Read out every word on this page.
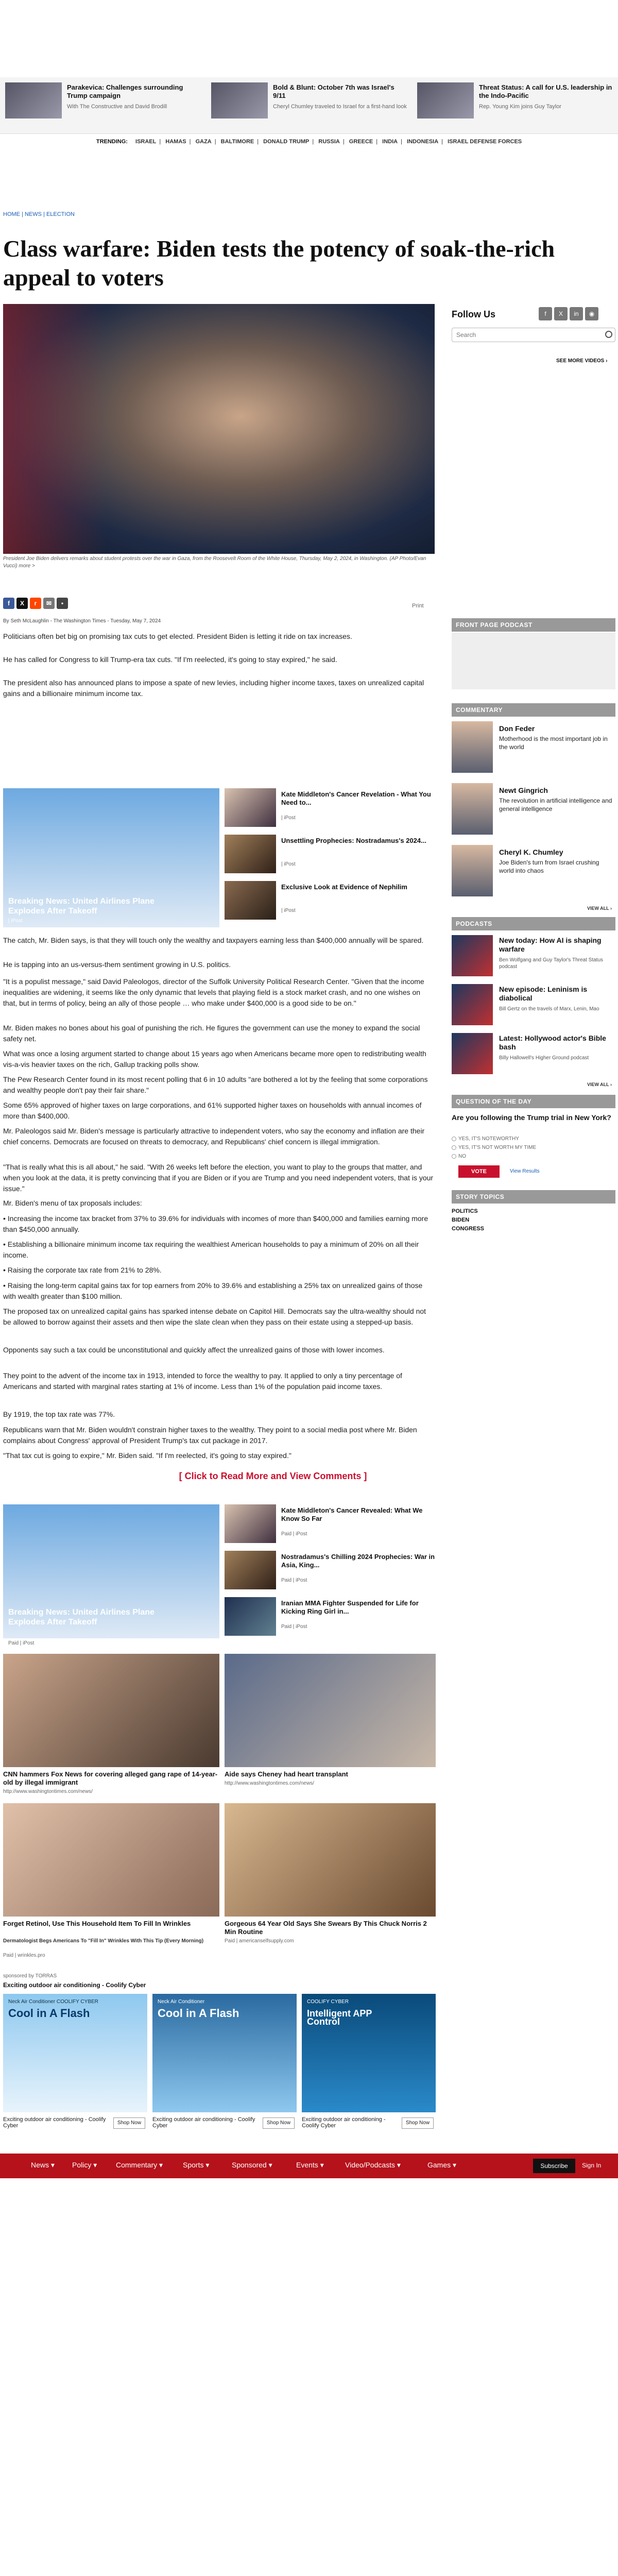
Parakevica: Challenges surrounding Trump campaign
With The Constructive and David Brodill
Bold & Blunt: October 7th was Israel's 9/11
Cheryl Chumley traveled to Israel for a first-hand look
Threat Status: A call for U.S. leadership in the Indo-Pacific
Rep. Young Kim joins Guy Taylor
TRENDING: ISRAEL | HAMAS | GAZA | BALTIMORE | DONALD TRUMP | RUSSIA | GREECE | INDIA | INDONESIA | ISRAEL DEFENSE FORCES
HOME | NEWS | ELECTION
Class warfare: Biden tests the potency of soak-the-rich appeal to voters
President Joe Biden delivers remarks about student protests over the war in Gaza, from the Roosevelt Room of the White House, Thursday, May 2, 2024, in Washington. (AP Photo/Evan Vucci) more >
f	X	r	✉	•	Print
By Seth McLaughlin - The Washington Times - Tuesday, May 7, 2024

Politicians often bet big on promising tax cuts to get elected. President Biden is letting it ride on tax increases.

He has called for Congress to kill Trump-era tax cuts. "If I'm reelected, it's going to stay expired," he said.

The president also has announced plans to impose a spate of new levies, including higher income taxes, taxes on unrealized capital gains and a billionaire minimum income tax.

Breaking News: United Airlines Plane Explodes After Takeoff
| iPost
Kate Middleton's Cancer Revelation - What You Need to...
| iPost
Unsettling Prophecies: Nostradamus's 2024...
| iPost
Exclusive Look at Evidence of Nephilim
| iPost

The catch, Mr. Biden says, is that they will touch only the wealthy and taxpayers earning less than $400,000 annually will be spared.

He is tapping into an us-versus-them sentiment growing in U.S. politics.

"It is a populist message," said David Paleologos, director of the Suffolk University Political Research Center. "Given that the income inequalities are widening, it seems like the only dynamic that levels that playing field is a stock market crash, and no one wishes on that, but in terms of policy, being an ally of those people … who make under $400,000 is a good side to be on."

Mr. Biden makes no bones about his goal of punishing the rich. He figures the government can use the money to expand the social safety net.

What was once a losing argument started to change about 15 years ago when Americans became more open to redistributing wealth vis-a-vis heavier taxes on the rich, Gallup tracking polls show.

The Pew Research Center found in its most recent polling that 6 in 10 adults "are bothered a lot by the feeling that some corporations and wealthy people don't pay their fair share."

Some 65% approved of higher taxes on large corporations, and 61% supported higher taxes on households with annual incomes of more than $400,000.

Mr. Paleologos said Mr. Biden's message is particularly attractive to independent voters, who say the economy and inflation are their chief concerns. Democrats are focused on threats to democracy, and Republicans' chief concern is illegal immigration.

"That is really what this is all about," he said. "With 26 weeks left before the election, you want to play to the groups that matter, and when you look at the data, it is pretty convincing that if you are Biden or if you are Trump and you need independent voters, that is your issue."

Mr. Biden's menu of tax proposals includes:

• Increasing the income tax bracket from 37% to 39.6% for individuals with incomes of more than $400,000 and families earning more than $450,000 annually.

• Establishing a billionaire minimum income tax requiring the wealthiest American households to pay a minimum of 20% on all their income.

• Raising the corporate tax rate from 21% to 28%.

• Raising the long-term capital gains tax for top earners from 20% to 39.6% and establishing a 25% tax on unrealized gains of those with wealth greater than $100 million.

The proposed tax on unrealized capital gains has sparked intense debate on Capitol Hill. Democrats say the ultra-wealthy should not be allowed to borrow against their assets and then wipe the slate clean when they pass on their estate using a stepped-up basis.

Opponents say such a tax could be unconstitutional and quickly affect the unrealized gains of those with lower incomes.

They point to the advent of the income tax in 1913, intended to force the wealthy to pay. It applied to only a tiny percentage of Americans and started with marginal rates starting at 1% of income. Less than 1% of the population paid income taxes.

By 1919, the top tax rate was 77%.

Republicans warn that Mr. Biden wouldn't constrain higher taxes to the wealthy. They point to a social media post where Mr. Biden complains about Congress' approval of President Trump's tax cut package in 2017.

"That tax cut is going to expire," Mr. Biden said. "If I'm reelected, it's going to stay expired."

[ Click to Read More and View Comments ]
Breaking News: United Airlines Plane Explodes After Takeoff
Paid | iPost
Kate Middleton's Cancer Revealed: What We Know So Far
Paid | iPost
Nostradamus's Chilling 2024 Prophecies: War in Asia, King...
Paid | iPost
Iranian MMA Fighter Suspended for Life for Kicking Ring Girl in...
Paid | iPost
CNN hammers Fox News for covering alleged gang rape of 14-year-old by illegal immigrant
http://www.washingtontimes.com/news/
Aide says Cheney had heart transplant
http://www.washingtontimes.com/news/
Forget Retinol, Use This Household Item To Fill In Wrinkles
Dermatologist Begs Americans To "Fill In" Wrinkles With This Tip (Every Morning)
Paid | wrinkles.pro
Gorgeous 64 Year Old Says She Swears By This Chuck Norris 2 Min Routine
Paid | americanselfsupply.com
sponsored by TORRAS
Exciting outdoor air conditioning - Coolify Cyber
Neck Air Conditioner COOLIFY CYBER
Cool in A Flash
Exciting outdoor air conditioning - Coolify Cyber	Shop Now
Neck Air Conditioner
Cool in A Flash
Exciting outdoor air conditioning - Coolify Cyber	Shop Now
COOLIFY CYBER
Intelligent APP Control
Exciting outdoor air conditioning - Coolify Cyber	Shop Now
News ▾ Policy ▾	Commentary ▾	Sports ▾	Sponsored ▾	Events ▾	Video/Podcasts ▾	Games ▾	Subscribe	Sign In
Follow Us	f	X	in	◉
Search
SEE MORE VIDEOS ›
FRONT PAGE PODCAST
COMMENTARY
Don Feder
Motherhood is the most important job in the world
Newt Gingrich
The revolution in artificial intelligence and general intelligence
Cheryl K. Chumley
Joe Biden's turn from Israel crushing world into chaos
VIEW ALL ›
PODCASTS
New today: How AI is shaping warfare
Ben Wolfgang and Guy Taylor's Threat Status podcast
New episode: Leninism is diabolical
Bill Gertz on the travels of Marx, Lenin, Mao
Latest: Hollywood actor's Bible bash
Billy Hallowell's Higher Ground podcast
VIEW ALL ›
QUESTION OF THE DAY
Are you following the Trump trial in New York?
YES, IT'S NOTEWORTHY
YES, IT'S NOT WORTH MY TIME
NO
VOTE	View Results
STORY TOPICS
POLITICS
BIDEN
CONGRESS
